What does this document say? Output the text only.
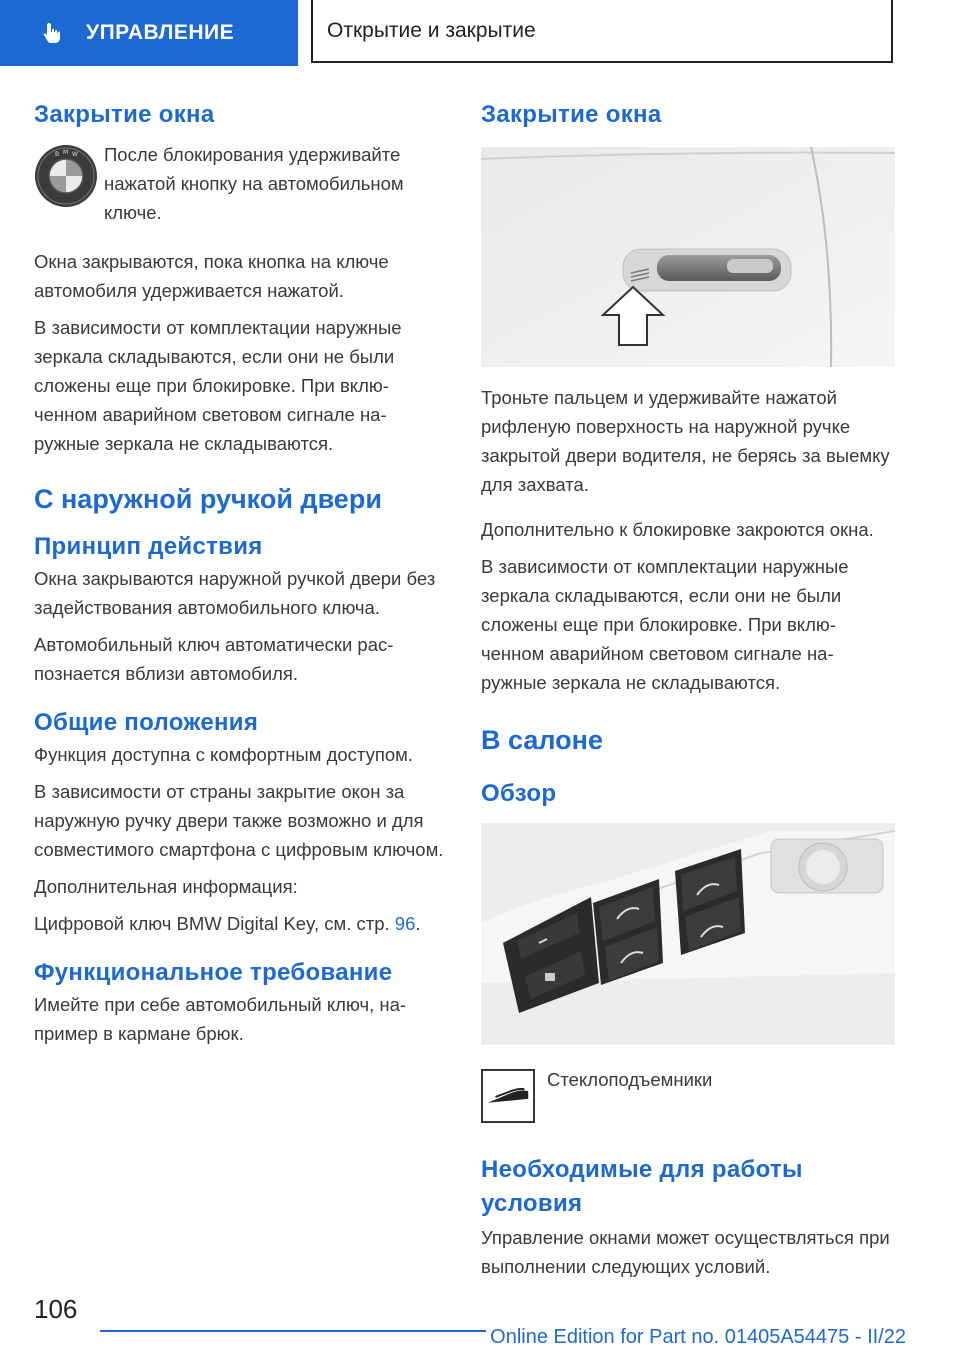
УПРАВЛЕНИЕ	Открытие и закрытие
Закрытие окна
B M W После блокирования удерживайте нажатой кнопку на автомобильном ключе.

Окна закрываются, пока кнопка на ключе автомобиля удерживается нажатой.

В зависимости от комплектации наружные зеркала складываются, если они не были сложены еще при блокировке. При включенном аварийном световом сигнале наружные зеркала не складываются.

С наружной ручкой двери
Принцип действия

Окна закрываются наружной ручкой двери без задействования автомобильного ключа.

Автомобильный ключ автоматически распознается вблизи автомобиля.

Общие положения

Функция доступна с комфортным доступом.

В зависимости от страны закрытие окон за наружную ручку двери также возможно и для совместимого смартфона с цифровым ключом.

Дополнительная информация:

Цифровой ключ BMW Digital Key, см. стр. 96.

Функциональное требование

Имейте при себе автомобильный ключ, например в кармане брюк.

Закрытие окна

Троньте пальцем и удерживайте нажатой рифленую поверхность на наружной ручке закрытой двери водителя, не берясь за выемку для захвата.

Дополнительно к блокировке закроются окна.

В зависимости от комплектации наружные зеркала складываются, если они не были сложены еще при блокировке. При включенном аварийном световом сигнале наружные зеркала не складываются.

В салоне
Обзор

Стеклоподъемники

Необходимые для работы условия

Управление окнами может осуществляться при выполнении следующих условий.

106
Online Edition for Part no. 01405A54475 - II/22
